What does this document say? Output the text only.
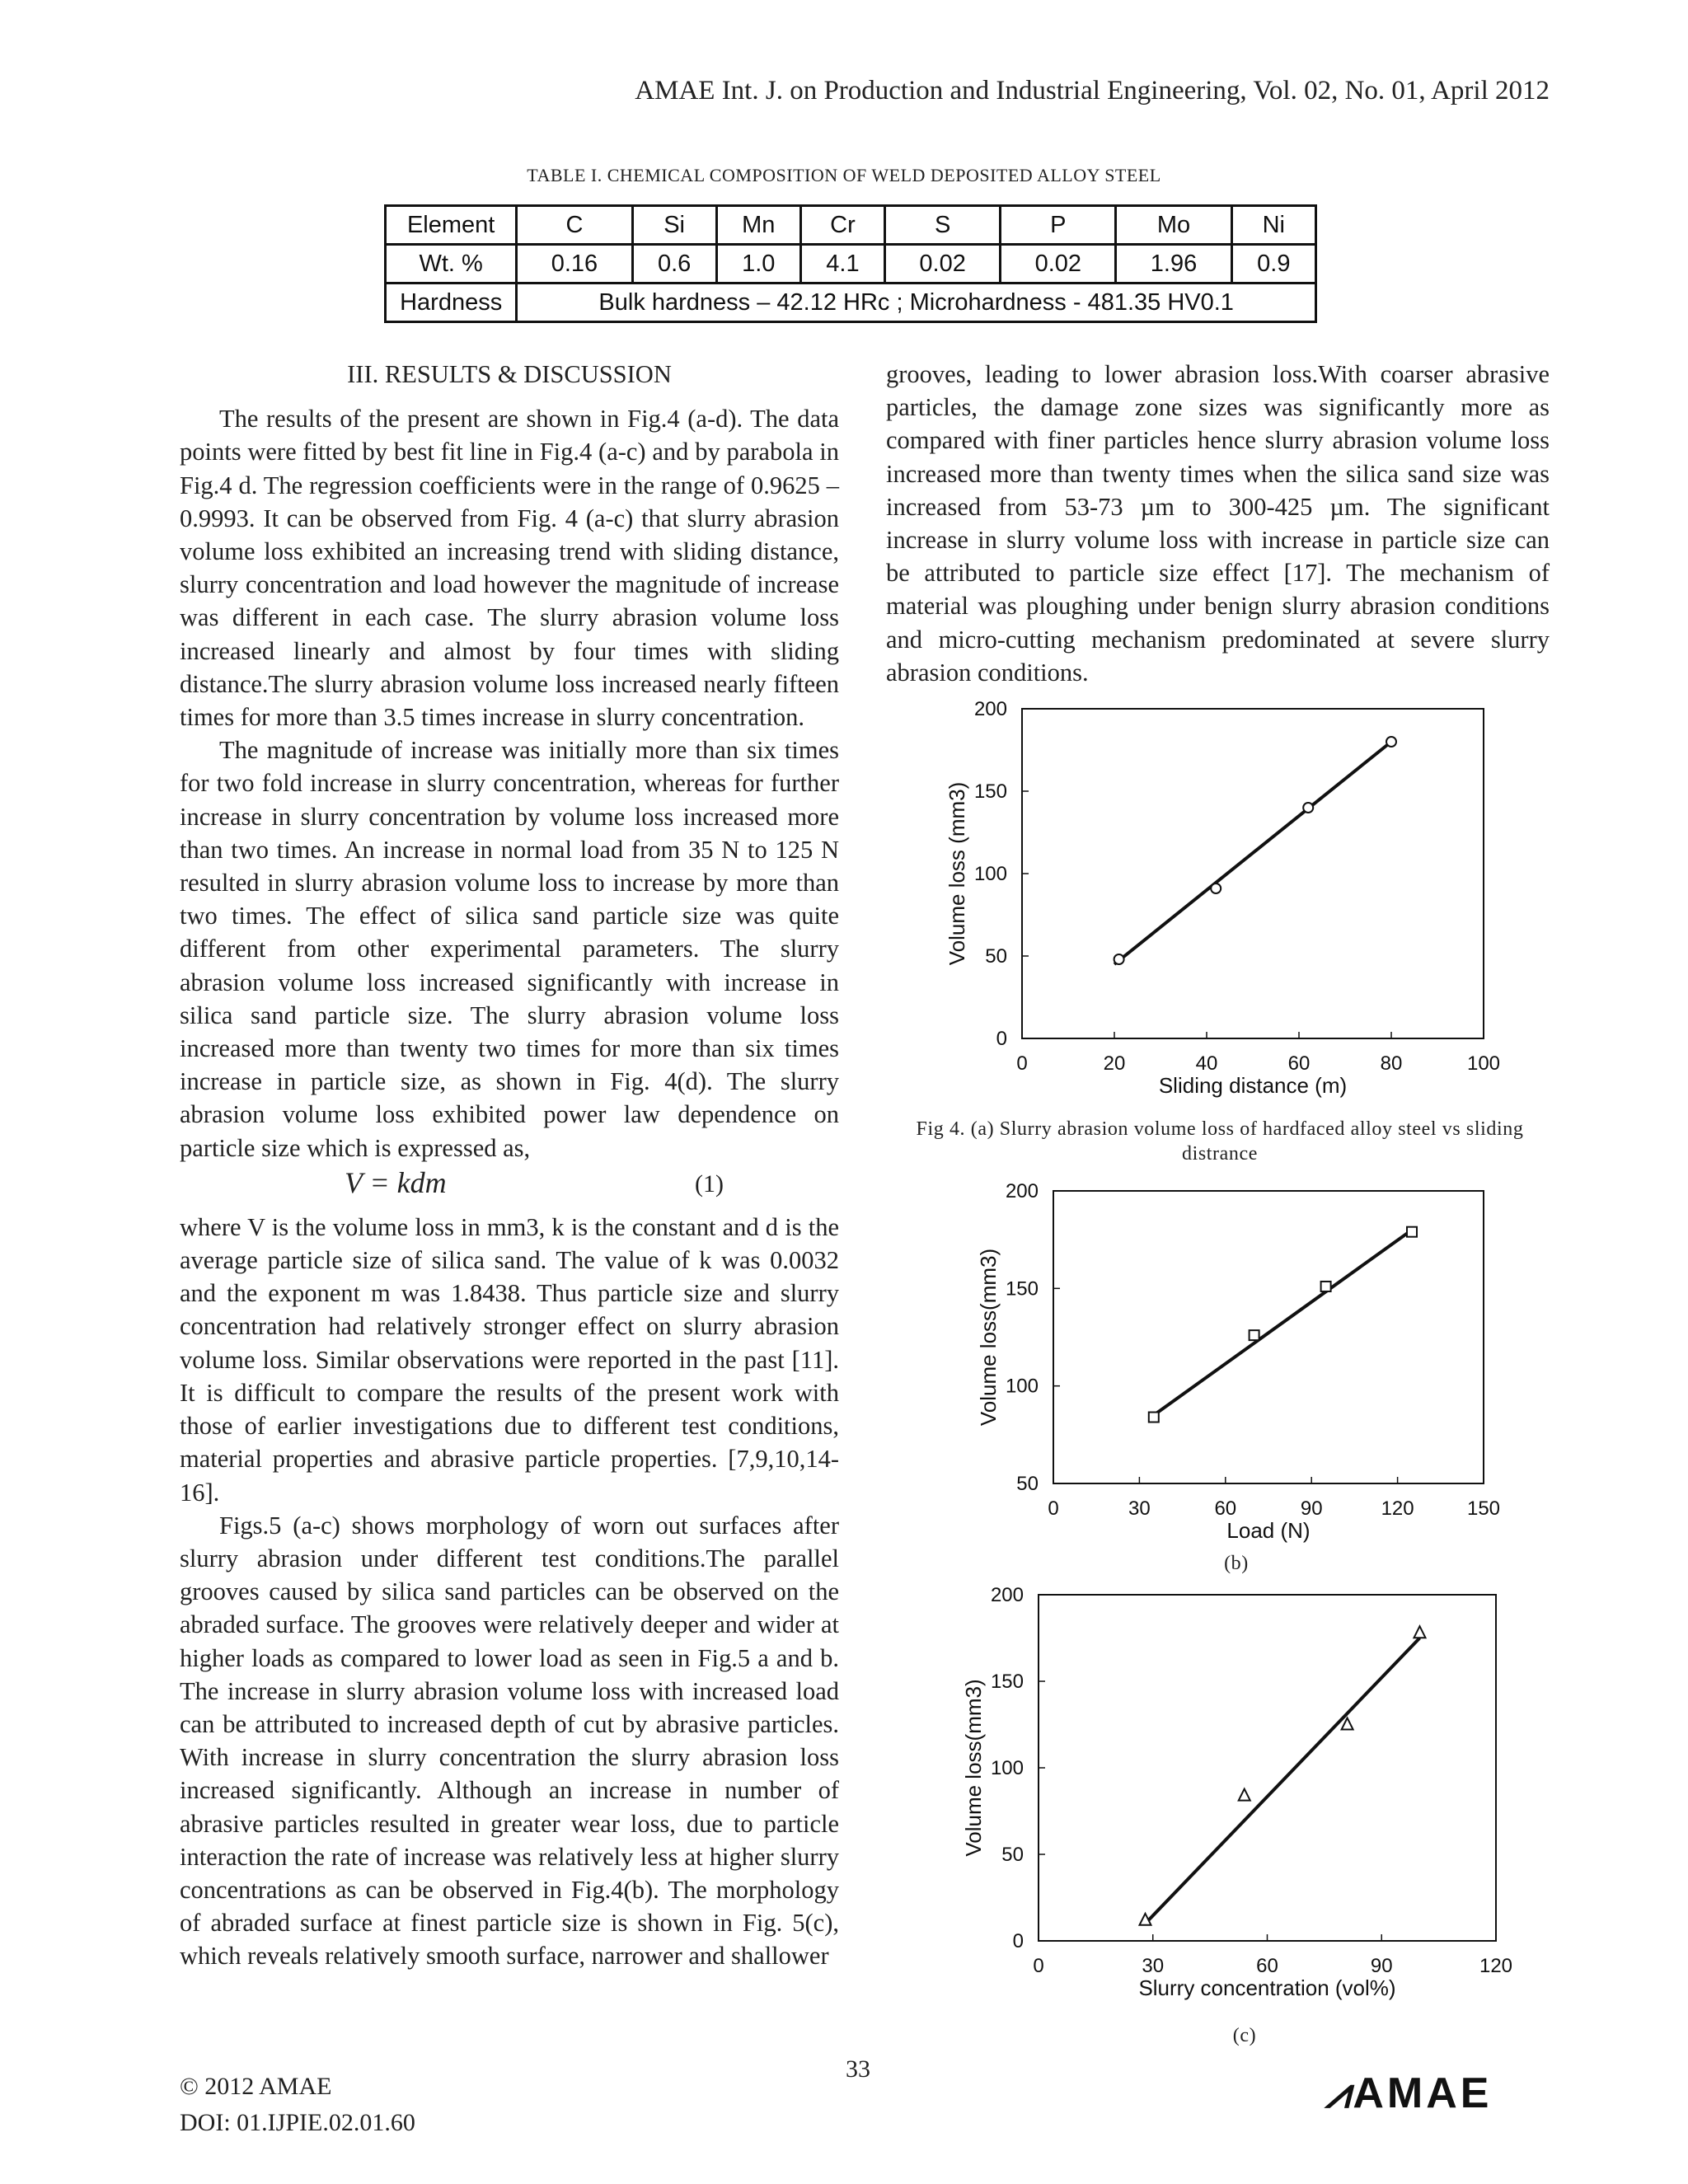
AMAE Int. J. on Production and Industrial Engineering, Vol. 02, No. 01, April 2012
TABLE I. CHEMICAL COMPOSITION OF WELD DEPOSITED ALLOY STEEL
Element	C	Si	Mn	Cr	S	P	Mo	Ni
Wt. %	0.16	0.6	1.0	4.1	0.02	0.02	1.96	0.9
Hardness	Bulk hardness – 42.12 HRc ; Microhardness - 481.35 HV0.1							

III. RESULTS & DISCUSSION

The results of the present are shown in Fig.4 (a-d). The data points were fitted by best fit line in Fig.4 (a-c) and by parabola in Fig.4 d. The regression coefficients were in the range of 0.9625 – 0.9993. It can be observed from Fig. 4 (a-c) that slurry abrasion volume loss exhibited an increasing trend with sliding distance, slurry concentration and load however the magnitude of increase was different in each case. The slurry abrasion volume loss increased linearly and almost by four times with sliding distance.The slurry abrasion volume loss increased nearly fifteen times for more than 3.5 times increase in slurry concentration.

The magnitude of increase was initially more than six times for two fold increase in slurry concentration, whereas for further increase in slurry concentration by volume loss increased more than two times. An increase in normal load from 35 N to 125 N resulted in slurry abrasion volume loss to increase by more than two times. The effect of silica sand particle size was quite different from other experimental parameters. The slurry abrasion volume loss increased significantly with increase in silica sand particle size. The slurry abrasion volume loss increased more than twenty two times for more than six times increase in particle size, as shown in Fig. 4(d). The slurry abrasion volume loss exhibited power law dependence on particle size which is expressed as,

V = kdm	(1)

where V is the volume loss in mm3, k is the constant and d is the average particle size of silica sand. The value of k was 0.0032 and the exponent m was 1.8438. Thus particle size and slurry concentration had relatively stronger effect on slurry abrasion volume loss. Similar observations were reported in the past [11]. It is difficult to compare the results of the present work with those of earlier investigations due to different test conditions, material properties and abrasive particle properties. [7,9,10,14-16].

Figs.5 (a-c) shows morphology of worn out surfaces after slurry abrasion under different test conditions.The parallel grooves caused by silica sand particles can be observed on the abraded surface. The grooves were relatively deeper and wider at higher loads as compared to lower load as seen in Fig.5 a and b. The increase in slurry abrasion volume loss with increased load can be attributed to increased depth of cut by abrasive particles. With increase in slurry concentration the slurry abrasion loss increased significantly. Although an increase in number of abrasive particles resulted in greater wear loss, due to particle interaction the rate of increase was relatively less at higher slurry concentrations as can be observed in Fig.4(b). The morphology of abraded surface at finest particle size is shown in Fig. 5(c), which reveals relatively smooth surface, narrower and shallower

grooves, leading to lower abrasion loss.With coarser abrasive particles, the damage zone sizes was significantly more as compared with finer particles hence slurry abrasion volume loss increased more than twenty times when the silica sand size was increased from 53-73 µm to 300-425 µm. The significant increase in slurry volume loss with increase in particle size can be attributed to particle size effect [17]. The mechanism of material was ploughing under benign slurry abrasion conditions and micro-cutting mechanism predominated at severe slurry abrasion conditions.

0	20	40	60	80	100
0
50
100
150
200
Sliding distance (m)
Volume loss (mm3)
Fig 4. (a) Slurry abrasion volume loss of hardfaced alloy steel vs sliding distrance
0	30	60	90	120	150
50
100
150
200
Load (N)
Volume loss(mm3)
(b)
0	30	60	90	120
0
50
100
150
200
Slurry concentration (vol%)
Volume loss(mm3)
(c)
© 2012 AMAE
DOI: 01.IJPIE.02.01.60
33
⩘AMAE
